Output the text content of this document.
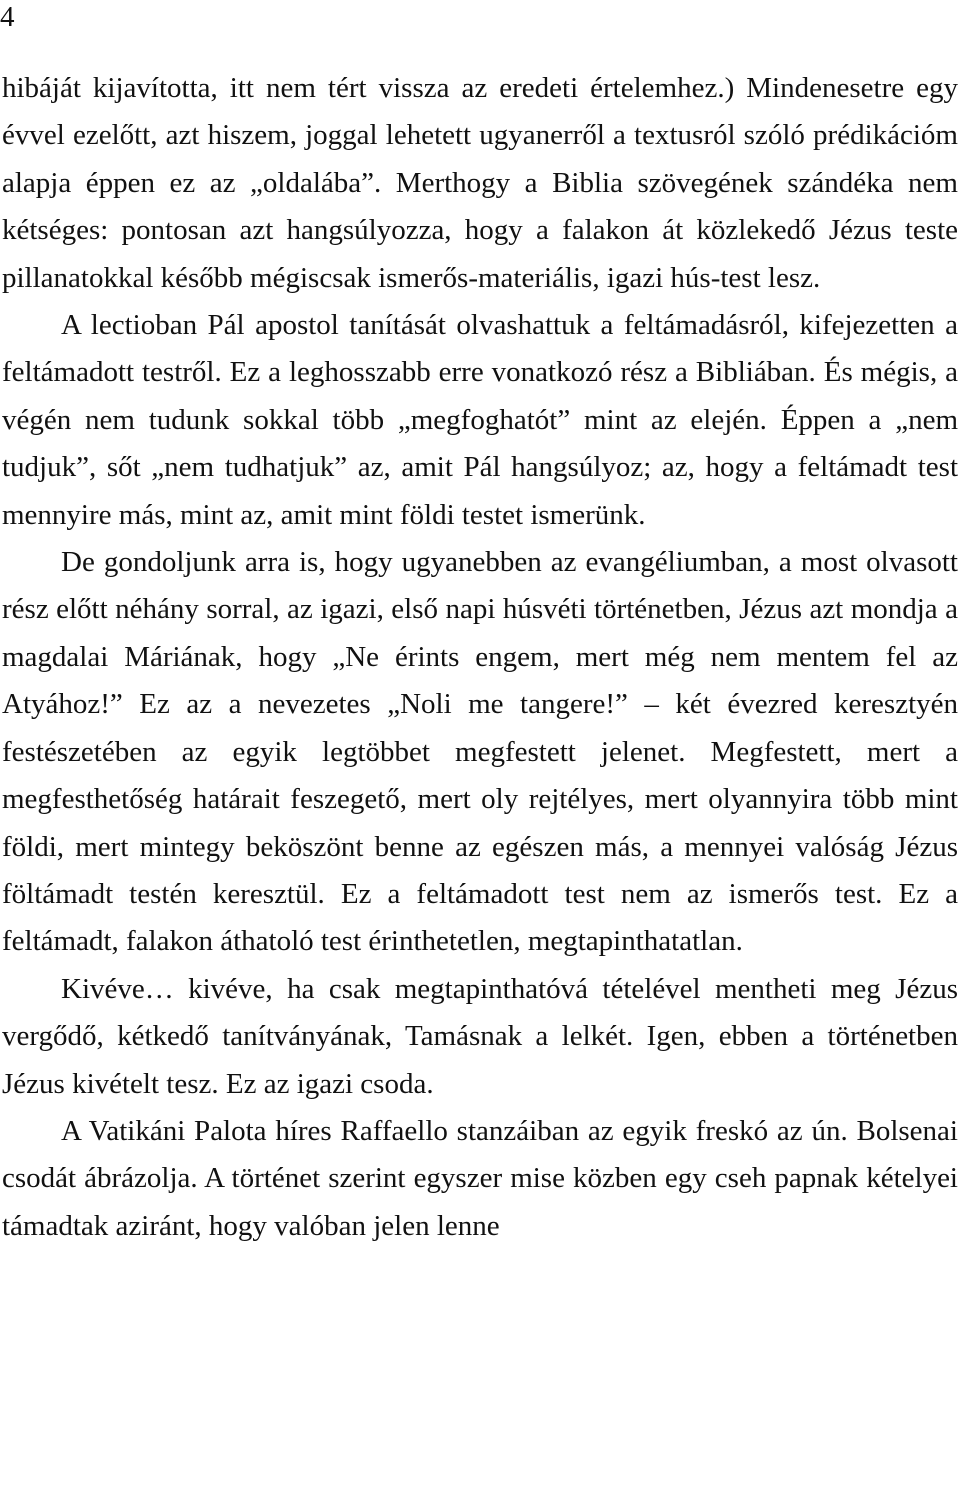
4

hibáját kijavította, itt nem tért vissza az eredeti értelemhez.) Mindenesetre egy évvel ezelőtt, azt hiszem, joggal lehetett ugyanerről a textusról szóló prédikációm alapja éppen ez az „oldalába”. Merthogy a Biblia szövegének szándéka nem kétséges: pontosan azt hangsúlyozza, hogy a falakon át közlekedő Jézus teste pillanatokkal később mégiscsak ismerős-materiális, igazi hús-test lesz.

A lectioban Pál apostol tanítását olvashattuk a feltámadásról, kifejezetten a feltámadott testről. Ez a leghosszabb erre vonatkozó rész a Bibliában. És mégis, a végén nem tudunk sokkal több „megfoghatót” mint az elején. Éppen a „nem tudjuk”, sőt „nem tudhatjuk” az, amit Pál hangsúlyoz; az, hogy a feltámadt test mennyire más, mint az, amit mint földi testet ismerünk.

De gondoljunk arra is, hogy ugyanebben az evangéliumban, a most olvasott rész előtt néhány sorral, az igazi, első napi húsvéti történetben, Jézus azt mondja a magdalai Máriának, hogy „Ne érints engem, mert még nem mentem fel az Atyához!” Ez az a nevezetes „Noli me tangere!” – két évezred keresztyén festészetében az egyik legtöbbet megfestett jelenet. Megfestett, mert a megfesthetőség határait feszegető, mert oly rejtélyes, mert olyannyira több mint földi, mert mintegy beköszönt benne az egészen más, a mennyei valóság Jézus föltámadt testén keresztül. Ez a feltámadott test nem az ismerős test. Ez a feltámadt, falakon áthatoló test érinthetetlen, megtapinthatatlan.

Kivéve… kivéve, ha csak megtapinthatóvá tételével mentheti meg Jézus vergődő, kétkedő tanítványának, Tamásnak a lelkét. Igen, ebben a történetben Jézus kivételt tesz. Ez az igazi csoda.

A Vatikáni Palota híres Raffaello stanzáiban az egyik freskó az ún. Bolsenai csodát ábrázolja. A történet szerint egyszer mise közben egy cseh papnak kételyei támadtak aziránt, hogy valóban jelen lenne
